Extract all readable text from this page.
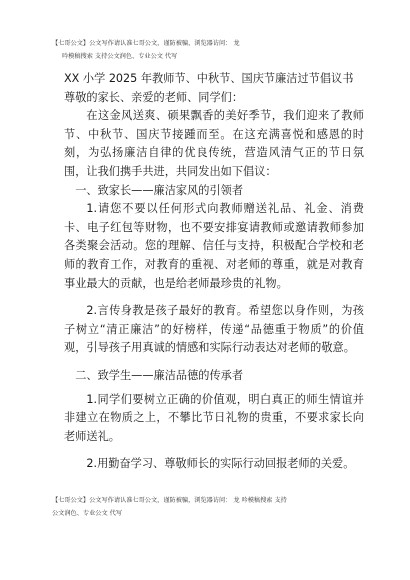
【七哥公文】公文写作请认准七哥公文，谨防被骗，浏览器访问： 龙
吟模稿搜索 支持公文润色、专业公文 代写

XX 小学 2025 年教师节、中秋节、国庆节廉洁过节倡议书

尊敬的家长、亲爱的老师、同学们：

在这金风送爽、硕果飘香的美好季节，我们迎来了教师节、中秋节、国庆节接踵而至。在这充满喜悦和感恩的时刻，为弘扬廉洁自律的优良传统，营造风清气正的节日氛围，让我们携手共进，共同发出如下倡议：

一、致家长——廉洁家风的引领者

1.请您不要以任何形式向教师赠送礼品、礼金、消费卡、电子红包等财物，也不要安排宴请教师或邀请教师参加各类聚会活动。您的理解、信任与支持，积极配合学校和老师的教育工作，对教育的重视、对老师的尊重，就是对教育事业最大的贡献，也是给老师最珍贵的礼物。

2.言传身教是孩子最好的教育。希望您以身作则，为孩子树立“清正廉洁”的好榜样，传递“品德重于物质”的价值观，引导孩子用真诚的情感和实际行动表达对老师的敬意。

二、致学生——廉洁品德的传承者

1.同学们要树立正确的价值观，明白真正的师生情谊并非建立在物质之上，不攀比节日礼物的贵重，不要求家长向老师送礼。

2.用勤奋学习、尊敬师长的实际行动回报老师的关爱。

【七哥公文】公文写作请认准七哥公文，谨防被骗，浏览器访问： 龙 吟模稿搜索 支持
公文润色、专业公文 代写
